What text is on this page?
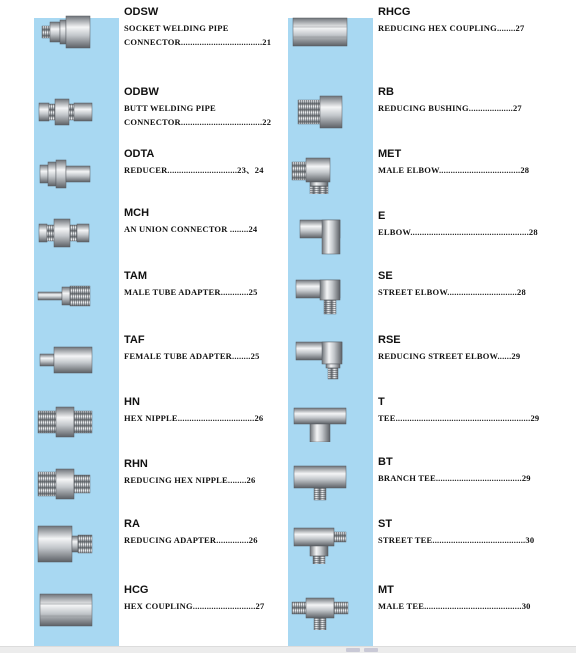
ODSW
SOCKET WELDING PIPE
CONNECTOR...................................21
ODBW
BUTT WELDING PIPE
CONNECTOR...................................22
ODTA
REDUCER..............................23、24
MCH
AN UNION CONNECTOR ........24
TAM
MALE TUBE ADAPTER............25
TAF
FEMALE TUBE ADAPTER........25
HN
HEX NIPPLE.................................26
RHN
REDUCING HEX NIPPLE........26
RA
REDUCING ADAPTER..............26
HCG
HEX COUPLING...........................27
RHCG
REDUCING HEX COUPLING........27
RB
REDUCING BUSHING...................27
MET
MALE ELBOW...................................28
E
ELBOW...................................................28
SE
STREET ELBOW..............................28
RSE
REDUCING STREET ELBOW......29
T
TEE..........................................................29
BT
BRANCH TEE.....................................29
ST
STREET TEE........................................30
MT
MALE TEE..........................................30
